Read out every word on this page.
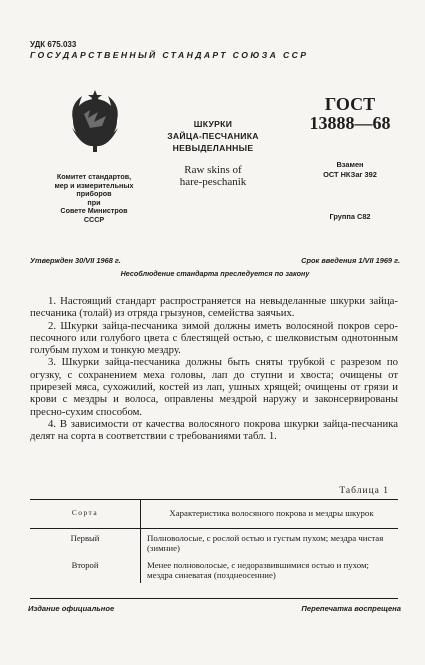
УДК 675.033
ГОСУДАРСТВЕННЫЙ СТАНДАРТ СОЮЗА ССР
Комитет стандартов,
мер и измерительных
приборов
при
Совете Министров
СССР
ШКУРКИ
ЗАЙЦА-ПЕСЧАНИКА
НЕВЫДЕЛАННЫЕ
Raw skins of
hare-peschanik
ГОСТ
13888—68
Взамен
ОСТ НКЗаг 392
Группа С82
Утвержден 30/VII 1968 г.	Срок введения 1/VII 1969 г.
Несоблюдение стандарта преследуется по закону

1. Настоящий стандарт распространяется на невыделанные шкурки зайца-песчаника (толай) из отряда грызунов, семейства заячьих.

2. Шкурки зайца-песчаника зимой должны иметь волосяной покров серо-песочного или голубого цвета с блестящей остью, с шелковистым однотонным голубым пухом и тонкую мездру.

3. Шкурки зайца-песчаника должны быть сняты трубкой с разрезом по огузку, с сохранением меха головы, лап до ступни и хвоста; очищены от прирезей мяса, сухожилий, костей из лап, ушных хрящей; очищены от грязи и крови с мездры и волоса, оправлены мездрой наружу и законсервированы пресно-сухим способом.

4. В зависимости от качества волосяного покрова шкурки зайца-песчаника делят на сорта в соответствии с требованиями табл. 1.

Таблица 1
Сорта	Характеристика волосяного покрова и мездры шкурок
Первый	Полноволосые, с рослой остью и густым пухом; мездра чистая (зимние)
Второй	Менее полноволосые, с недоразвившимися остью и пухом; мездра синеватая (позднеосенние)
Издание официальное	Перепечатка воспрещена
